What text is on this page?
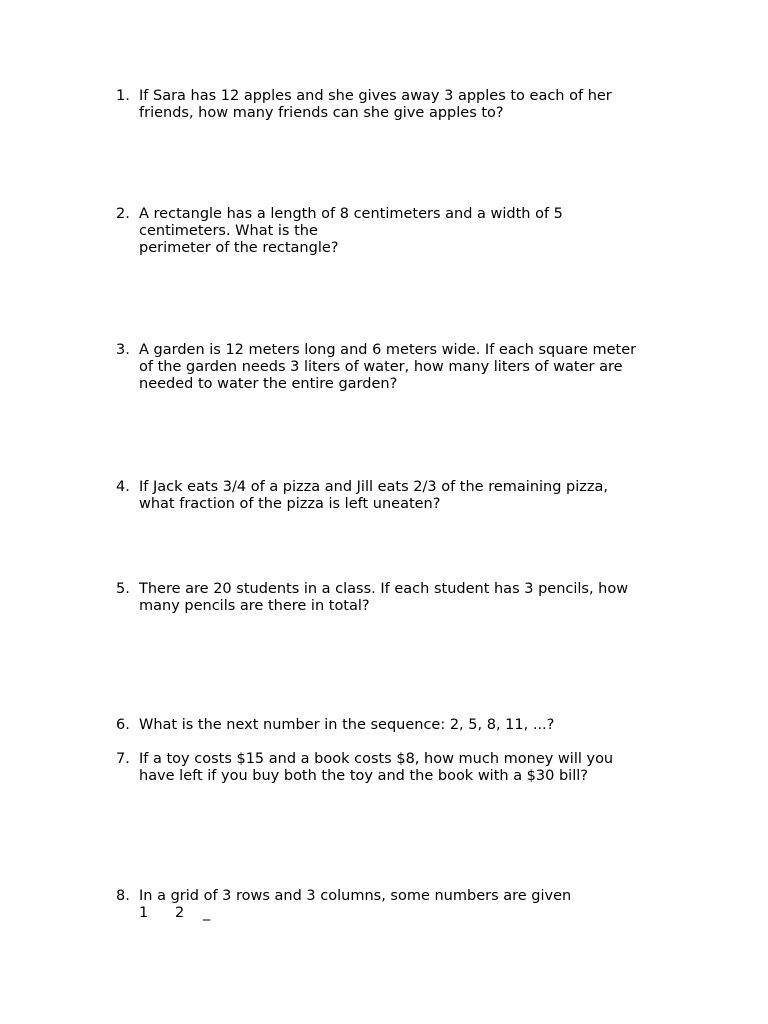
1. If Sara has 12 apples and she gives away 3 apples to each of her
friends, how many friends can she give apples to?
2. A rectangle has a length of 8 centimeters and a width of 5
centimeters. What is the
perimeter of the rectangle?
3. A garden is 12 meters long and 6 meters wide. If each square meter
of the garden needs 3 liters of water, how many liters of water are
needed to water the entire garden?
4. If Jack eats 3/4 of a pizza and Jill eats 2/3 of the remaining pizza,
what fraction of the pizza is left uneaten?
5. There are 20 students in a class. If each student has 3 pencils, how
many pencils are there in total?
6. What is the next number in the sequence: 2, 5, 8, 11, ...?
7. If a toy costs $15 and a book costs $8, how much money will you
have left if you buy both the toy and the book with a $30 bill?
8. In a grid of 3 rows and 3 columns, some numbers are given
1	2	_
